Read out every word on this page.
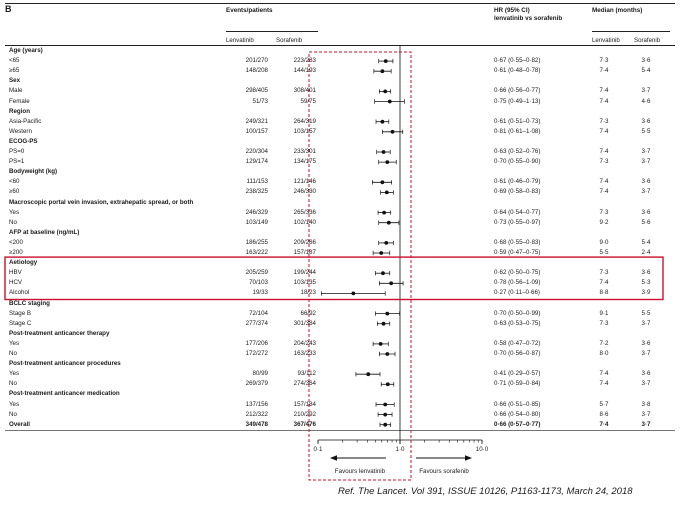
B	Events/patients	HR (95% CI)
lenvatinib vs sorafenib
Median (months)
Lenvatinib	Sorafenib	Lenvatinib Sorafenib
Age (years)
<65	201/270	223/283	0·67 (0·55–0·82)	7·3	3·6
≥65	148/208	144/193	0·61 (0·48–0·78)	7·4	5·4
Sex
Male	298/405	308/401	0·66 (0·56–0·77)	7·4	3·7
Female	51/73	59/75	0·75 (0·49–1·13)	7·4	4·6
Region
Asia-Pacific	249/321	264/319	0·61 (0·51–0·73)	7·3	3·6
Western	100/157	103/157	0·81 (0·61–1·08)	7·4	5·5
ECOG-PS
PS=0	220/304	233/301	0·63 (0·52–0·76)	7·4	3·7
PS=1	129/174	134/175	0·70 (0·55–0·90)	7·3	3·7
Bodyweight (kg)
<60	111/153	121/146	0·61 (0·46–0·79)	7·4	3·6
≥60	238/325	246/330	0·69 (0·58–0·83)	7·4	3·7
Macroscopic portal vein invasion, extrahepatic spread, or both
Yes	246/329	265/336	0·64 (0·54–0·77)	7·3	3·6
No	103/149	102/140	0·73 (0·55–0·97)	9·2	5·6
AFP at baseline (ng/mL)
<200	186/255	209/286	0·68 (0·55–0·83)	9·0	5·4
≥200	163/222	157/187	0·59 (0·47–0·75)	5·5	2·4
Aetiology
HBV	205/259	199/244	0·62 (0·50–0·75)	7·3	3·6
HCV	70/103	103/135	0·78 (0·56–1·09)	7·4	5·3
Alcohol	19/33	18/23	0·27 (0·11–0·66)	8·8	3·9
BCLC staging
Stage B	72/104	66/92	0·70 (0·50–0·99)	9·1	5·5
Stage C	277/374	301/384	0·63 (0·53–0·75)	7·3	3·7
Post-treatment anticancer therapy
Yes	177/206	204/243	0·58 (0·47–0·72)	7·2	3·6
No	172/272	163/233	0·70 (0·56–0·87)	8·0	3·7
Post-treatment anticancer procedures
Yes	80/99	93/112	0·41 (0·29–0·57)	7·4	3·6
No	269/379	274/364	0·71 (0·59–0·84)	7·4	3·7
Post-treatment anticancer medication
Yes	137/156	157/184	0·66 (0·51–0·85)	5·7	3·8
No	212/322	210/292	0·66 (0·54–0·80)	8·6	3·7
Overall	349/478	367/476	0·66 (0·57–0·77)	7·4	3·7
0·1	1·0	10·0
Favours lenvatinib	Favours sorafenib
Ref. The Lancet. Vol 391, ISSUE 10126, P1163-1173, March 24, 2018
